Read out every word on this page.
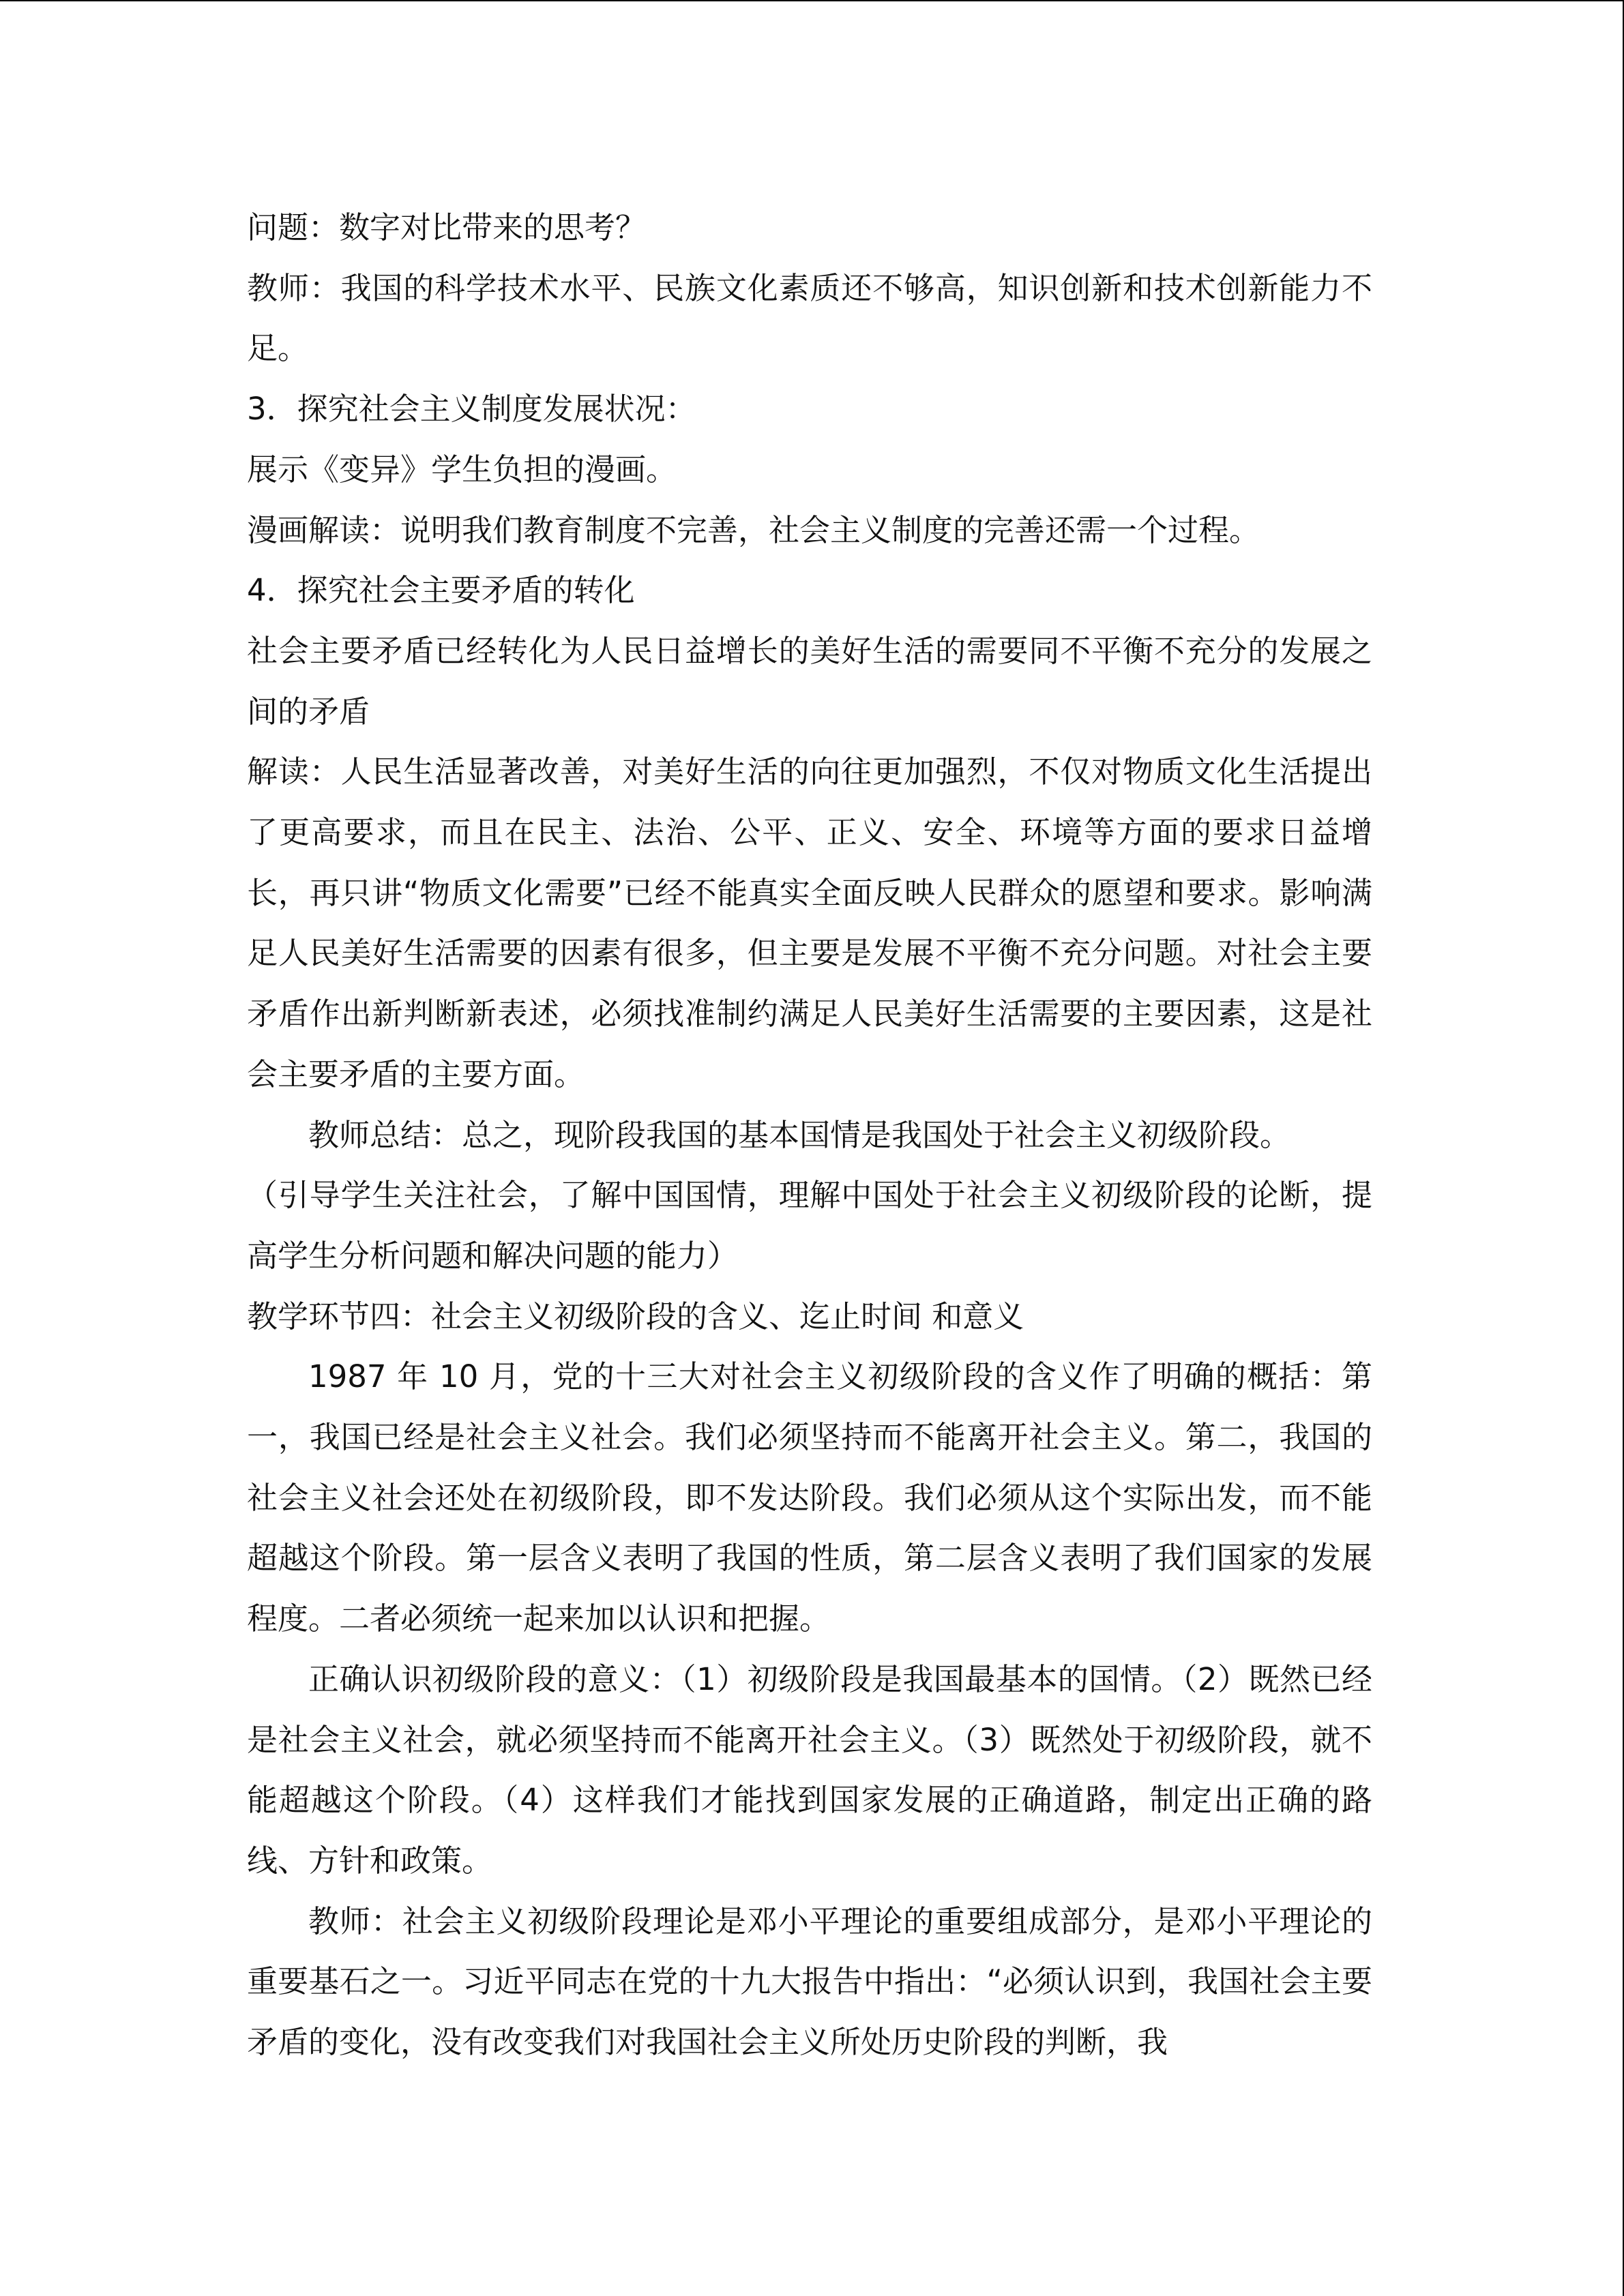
问题：数字对比带来的思考？

教师：我国的科学技术水平、民族文化素质还不够高，知识创新和技术创新能力不足。

3．探究社会主义制度发展状况：

展示《变异》学生负担的漫画。

漫画解读：说明我们教育制度不完善，社会主义制度的完善还需一个过程。

4．探究社会主要矛盾的转化

社会主要矛盾已经转化为人民日益增长的美好生活的需要同不平衡不充分的发展之间的矛盾

解读：人民生活显著改善，对美好生活的向往更加强烈，不仅对物质文化生活提出了更高要求，而且在民主、法治、公平、正义、安全、环境等方面的要求日益增长，再只讲“物质文化需要”已经不能真实全面反映人民群众的愿望和要求。影响满足人民美好生活需要的因素有很多，但主要是发展不平衡不充分问题。对社会主要矛盾作出新判断新表述，必须找准制约满足人民美好生活需要的主要因素，这是社会主要矛盾的主要方面。

教师总结：总之，现阶段我国的基本国情是我国处于社会主义初级阶段。

（引导学生关注社会，了解中国国情，理解中国处于社会主义初级阶段的论断，提高学生分析问题和解决问题的能力）

教学环节四：社会主义初级阶段的含义、迄止时间 和意义

1987 年 10 月，党的十三大对社会主义初级阶段的含义作了明确的概括：第一，我国已经是社会主义社会。我们必须坚持而不能离开社会主义。第二，我国的社会主义社会还处在初级阶段，即不发达阶段。我们必须从这个实际出发，而不能超越这个阶段。第一层含义表明了我国的性质，第二层含义表明了我们国家的发展程度。二者必须统一起来加以认识和把握。

正确认识初级阶段的意义：（1）初级阶段是我国最基本的国情。（2）既然已经是社会主义社会，就必须坚持而不能离开社会主义。（3）既然处于初级阶段，就不能超越这个阶段。（4）这样我们才能找到国家发展的正确道路，制定出正确的路线、方针和政策。

教师：社会主义初级阶段理论是邓小平理论的重要组成部分，是邓小平理论的重要基石之一。习近平同志在党的十九大报告中指出：“必须认识到，我国社会主要矛盾的变化，没有改变我们对我国社会主义所处历史阶段的判断，我
